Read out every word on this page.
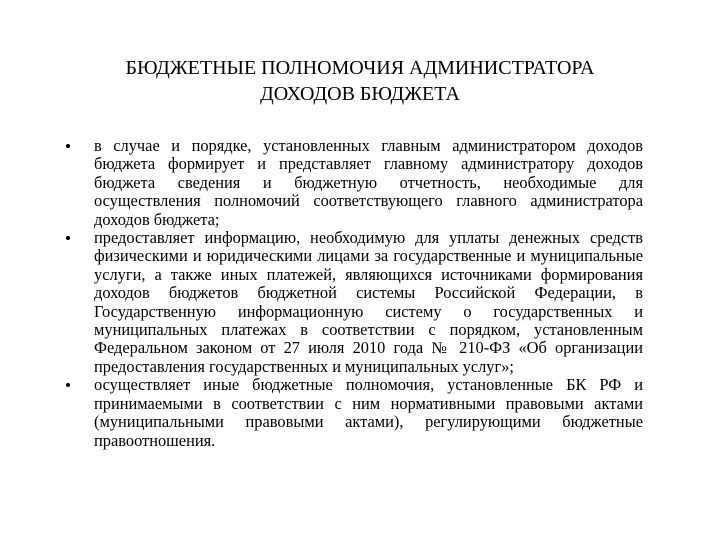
БЮДЖЕТНЫЕ ПОЛНОМОЧИЯ АДМИНИСТРАТОРА
ДОХОДОВ БЮДЖЕТА
в случае и порядке, установленных главным администратором доходов бюджета формирует и представляет главному администратору доходов бюджета сведения и бюджетную отчетность, необходимые для осуществления полномочий соответствующего главного администратора доходов бюджета;
предоставляет информацию, необходимую для уплаты денежных средств физическими и юридическими лицами за государственные и муниципальные услуги, а также иных платежей, являющихся источниками формирования доходов бюджетов бюджетной системы Российской Федерации, в Государственную информационную систему о государственных и муниципальных платежах в соответствии с порядком, установленным Федеральном законом от 27 июля 2010 года № 210-ФЗ «Об организации предоставления государственных и муниципальных услуг»;
осуществляет иные бюджетные полномочия, установленные БК РФ и принимаемыми в соответствии с ним нормативными правовыми актами (муниципальными правовыми актами), регулирующими бюджетные правоотношения.
